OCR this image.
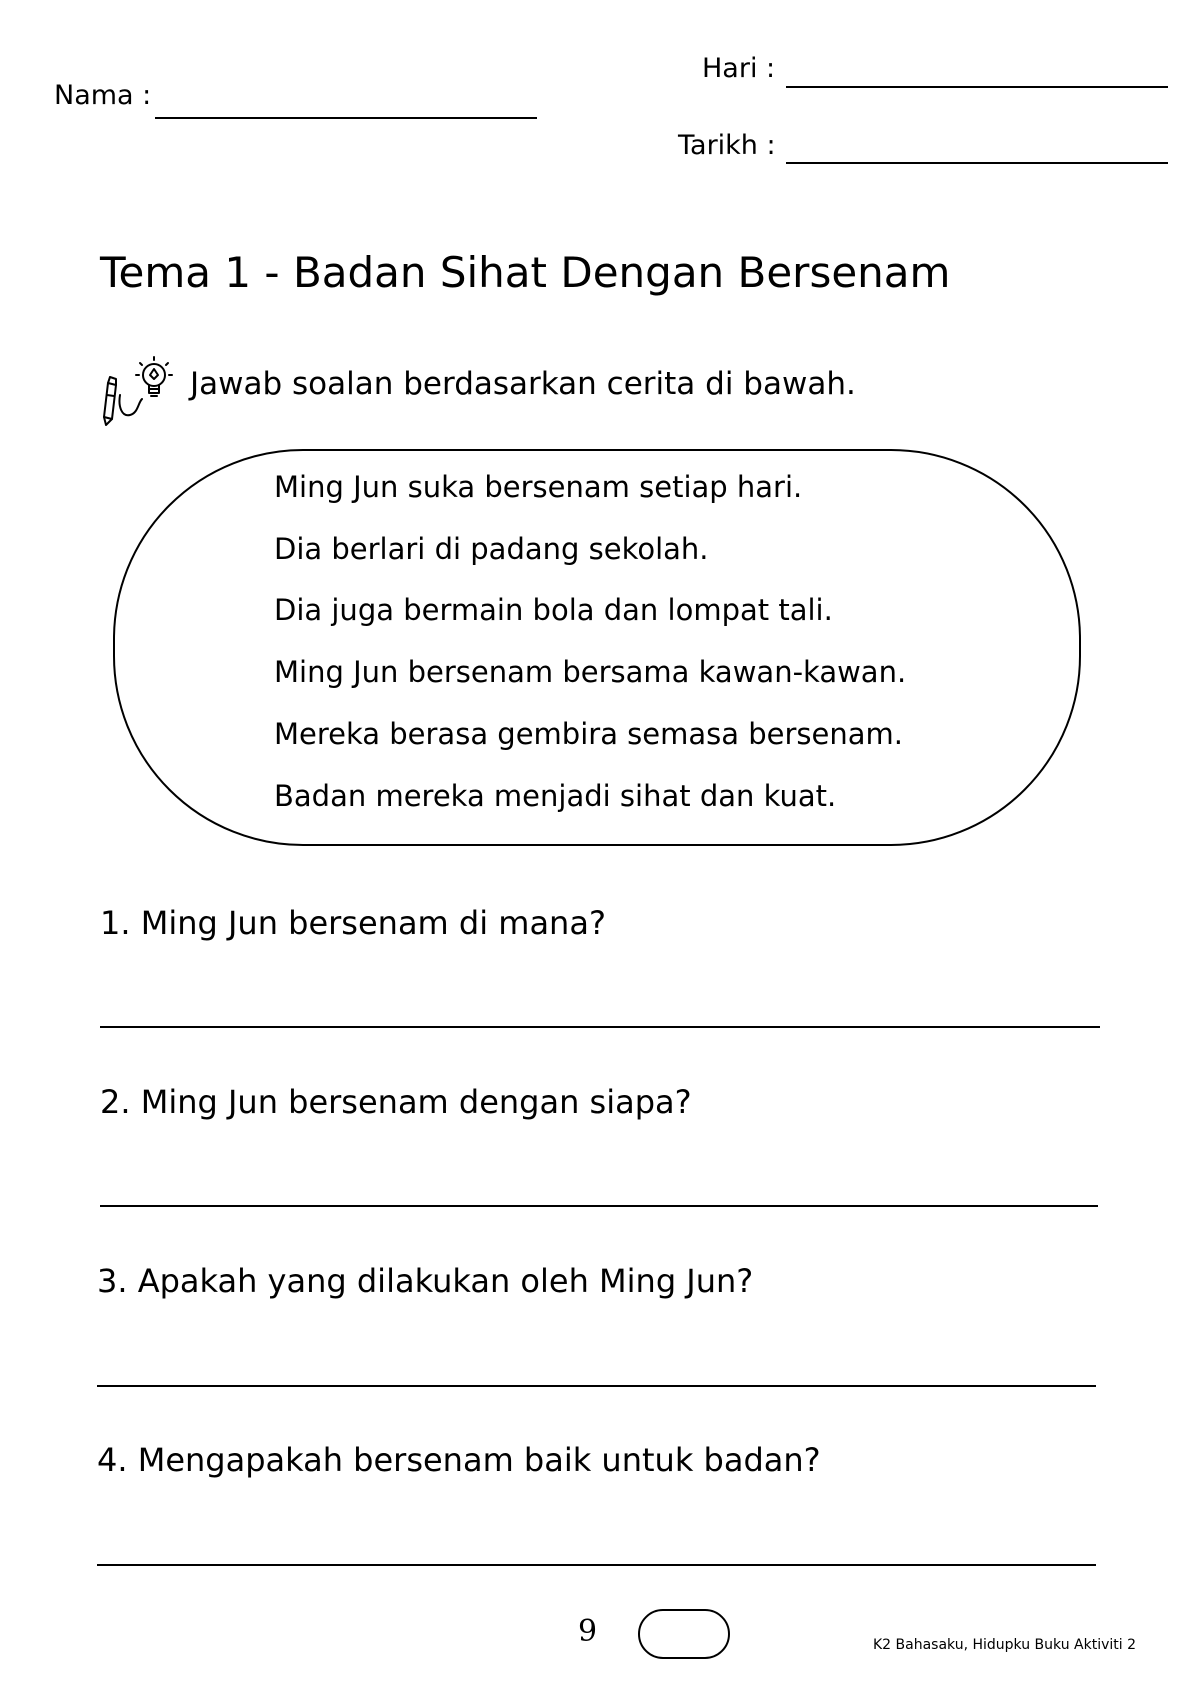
Nama :
Hari :
Tarikh :
Tema 1 - Badan Sihat Dengan Bersenam
Jawab soalan berdasarkan cerita di bawah.
Ming Jun suka bersenam setiap hari.
Dia berlari di padang sekolah.
Dia juga bermain bola dan lompat tali.
Ming Jun bersenam bersama kawan-kawan.
Mereka berasa gembira semasa bersenam.
Badan mereka menjadi sihat dan kuat.
1. Ming Jun bersenam di mana?
2. Ming Jun bersenam dengan siapa?
3. Apakah yang dilakukan oleh Ming Jun?
4. Mengapakah bersenam baik untuk badan?
9	K2 Bahasaku, Hidupku Buku Aktiviti 2
